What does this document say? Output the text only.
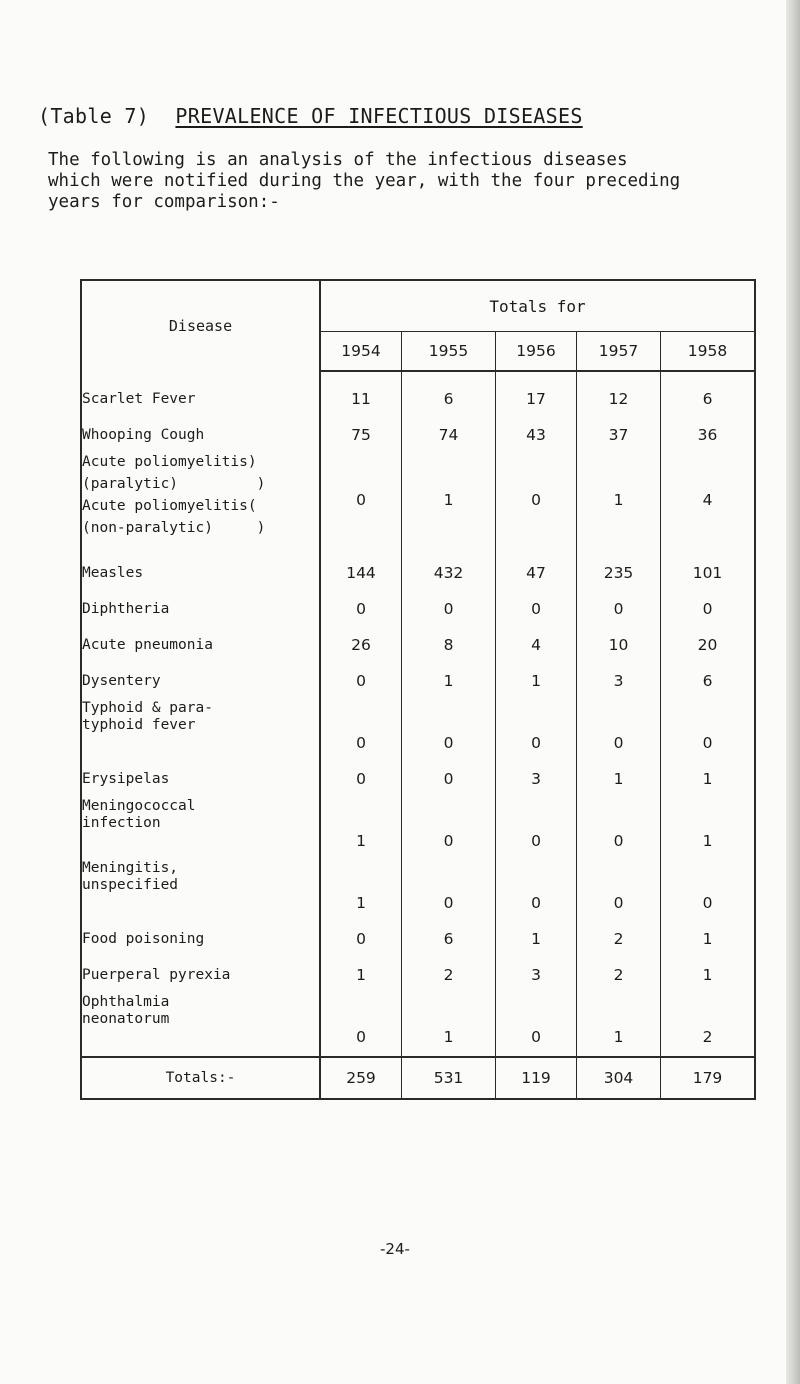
(Table 7) PREVALENCE OF INFECTIOUS DISEASES
The following is an analysis of the infectious diseases
which were notified during the year, with the four preceding
years for comparison:-
Disease	Totals for				
	1954	1955	1956	1957	1958

Scarlet Fever	11	6	17	12	6

Whooping Cough	75	74	43	37	36

Acute poliomyelitis)
(paralytic)         )
Acute poliomyelitis(
(non-paralytic)     )	0	1	0	1	4

Measles	144	432	47	235	101

Diphtheria	0	0	0	0	0

Acute pneumonia	26	8	4	10	20

Dysentery	0	1	1	3	6

Typhoid & para-
typhoid fever	0	0	0	0	0

Erysipelas	0	0	3	1	1

Meningococcal
infection	1	0	0	0	1

Meningitis,
unspecified	1	0	0	0	0

Food poisoning	0	6	1	2	1

Puerperal pyrexia	1	2	3	2	1

Ophthalmia
neonatorum	0	1	0	1	2

Totals:-	259	531	119	304	179
-24-
